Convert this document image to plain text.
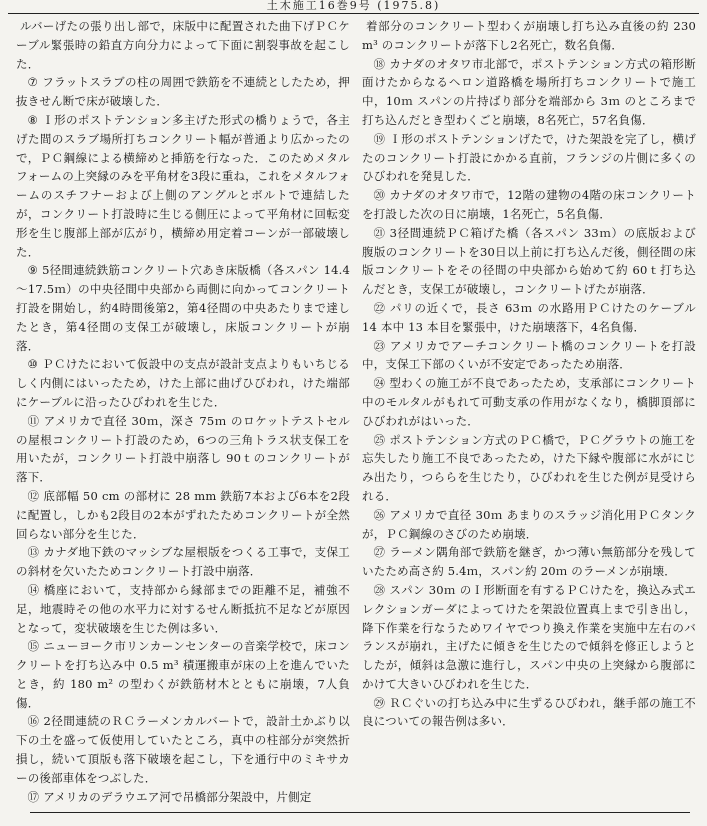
土木施工16巻9号 (1975.8)

ルバーげたの張り出し部で，床版中に配置された曲下げＰＣケーブル緊張時の鉛直方向分力によって下面に割裂事故を起こした．

⑦ フラットスラブの柱の周囲で鉄筋を不連続としたため，押抜きせん断で床が破壊した．

⑧ Ｉ形のポストテンション多主げた形式の橋りょうで，各主げた間のスラブ場所打ちコンクリート幅が普通より広かったので，ＰＣ鋼線による横締めと挿筋を行なった．このためメタルフォームの上突縁のみを平角材を3段に重ね，これをメタルフォームのスチフナーおよび上側のアングルとボルトで連結したが，コンクリート打設時に生じる側圧によって平角材に回転変形を生じ腹部上部が広がり，横締め用定着コーンが一部破壊した．

⑨ 5径間連続鉄筋コンクリート穴あき床版橋（各スパン 14.4～17.5ｍ）の中央径間中央部から両側に向かってコンクリート打設を開始し，約4時間後第2，第4径間の中央あたりまで達したとき，第4径間の支保工が破壊し，床版コンクリートが崩落．

⑩ ＰＣけたにおいて仮設中の支点が設計支点よりもいちじるしく内側にはいったため，けた上部に曲げひびわれ，けた端部にケーブルに沿ったひびわれを生じた．

⑪ アメリカで直径 30ｍ，深さ 75ｍ のロケットテストセルの屋根コンクリート打設のため，6つの三角トラス状支保工を用いたが，コンクリート打設中崩落し 90ｔのコンクリートが落下．

⑫ 底部幅 50 cm の部材に 28 mm 鉄筋7本および6本を2段に配置し，しかも2段目の2本がずれたためコンクリートが全然回らない部分を生じた．

⑬ カナダ地下鉄のマッシブな屋根版をつくる工事で，支保工の斜材を欠いたためコンクリート打設中崩落．

⑭ 橋座において，支持部から縁部までの距離不足，補強不足，地震時その他の水平力に対するせん断抵抗不足などが原因となって，変状破壊を生じた例は多い．

⑮ ニューヨーク市リンカーンセンターの音楽学校で，床コンクリートを打ち込み中 0.5 m³ 積運搬車が床の上を進んでいたとき，約 180 m² の型わくが鉄筋材木とともに崩壊，7人負傷．

⑯ 2径間連続のＲＣラーメンカルバートで，設計土かぶり以下の土を盛って仮使用していたところ，真中の柱部分が突然折損し，続いて頂版も落下破壊を起こし，下を通行中のミキサカーの後部車体をつぶした．

⑰ アメリカのデラウエア河で吊橋部分架設中，片側定

着部分のコンクリート型わくが崩壊し打ち込み直後の約 230 m³ のコンクリートが落下し2名死亡，数名負傷．

⑱ カナダのオタワ市北部で，ポストテンション方式の箱形断面けたからなるヘロン道路橋を場所打ちコンクリートで施工中，10ｍ スパンの片持ばり部分を端部から 3ｍ のところまで打ち込んだとき型わくごと崩壊，8名死亡，57名負傷．

⑲ Ｉ形のポストテンションげたで，けた架設を完了し，横げたのコンクリート打設にかかる直前，フランジの片側に多くのひびわれを発見した．

⑳ カナダのオタワ市で，12階の建物の4階の床コンクリートを打設した次の日に崩壊，1名死亡，5名負傷．

㉑ 3径間連続ＰＣ箱げた橋（各スパン 33ｍ）の底版および腹版のコンクリートを30日以上前に打ち込んだ後，側径間の床版コンクリートをその径間の中央部から始めて約 60ｔ打ち込んだとき，支保工が破壊し，コンクリートげたが崩落．

㉒ パリの近くで，長さ 63ｍ の水路用ＰＣけたのケーブル 14 本中 13 本目を緊張中，けた崩壊落下，4名負傷．

㉓ アメリカでアーチコンクリート橋のコンクリートを打設中，支保工下部のくいが不安定であったため崩落．

㉔ 型わくの施工が不良であったため，支承部にコンクリート中のモルタルがもれて可動支承の作用がなくなり，橋脚頂部にひびわれがはいった．

㉕ ポストテンション方式のＰＣ橋で，ＰＣグラウトの施工を忘失したり施工不良であったため，けた下縁や腹部に水がにじみ出たり，つららを生じたり，ひびわれを生じた例が見受けられる．

㉖ アメリカで直径 30ｍ あまりのスラッジ消化用ＰＣタンクが，ＰＣ鋼線のさびのため崩壊．

㉗ ラーメン隅角部で鉄筋を継ぎ，かつ薄い無筋部分を残していたため高さ約 5.4ｍ，スパン約 20ｍ のラーメンが崩壊．

㉘ スパン 30ｍ のＩ形断面を有するＰＣけたを，換込み式エレクションガーダによってけたを架設位置真上まで引き出し，降下作業を行なうためワイヤでつり換え作業を実施中左右のバランスが崩れ，主げたに傾きを生じたので傾斜を修正しようとしたが，傾斜は急激に進行し，スパン中央の上突縁から腹部にかけて大きいひびわれを生じた．

㉙ ＲＣぐいの打ち込み中に生ずるひびわれ，継手部の施工不良についての報告例は多い．
